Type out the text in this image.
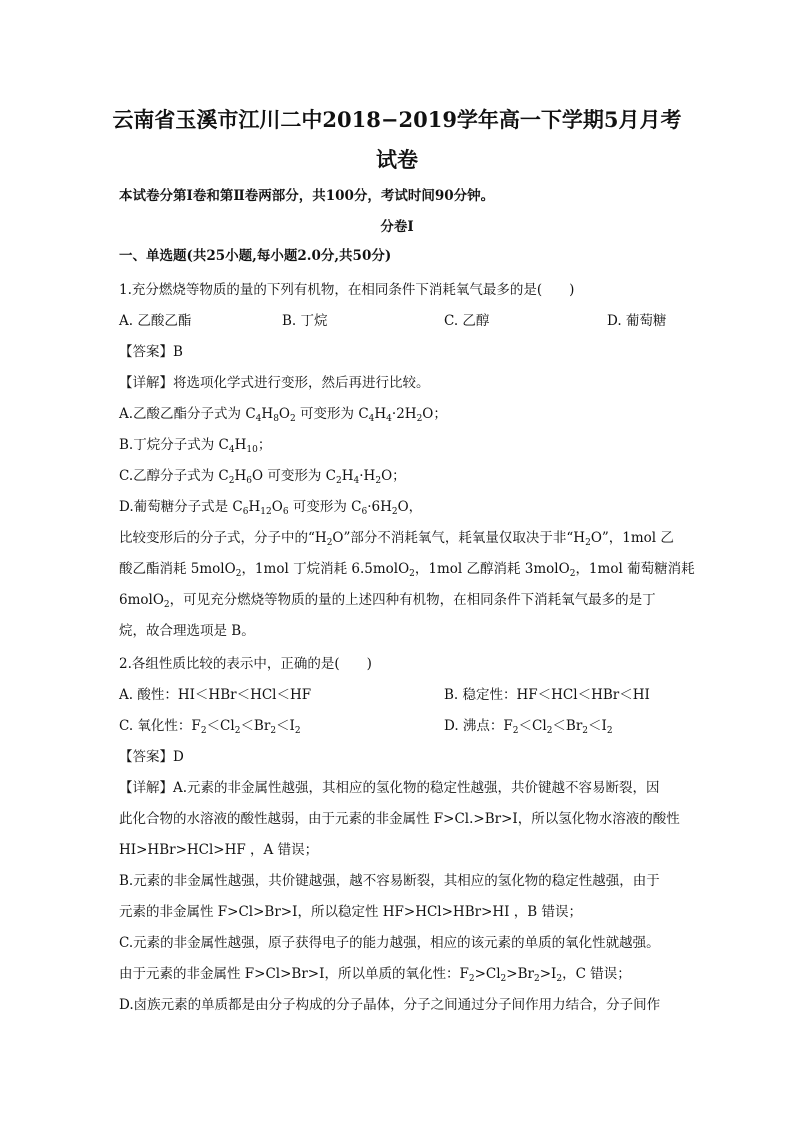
云南省玉溪市江川二中2018−2019学年高一下学期5月月考试卷
本试卷分第Ⅰ卷和第Ⅱ卷两部分，共100分，考试时间90分钟。
分卷I
一、单选题(共25小题,每小题2.0分,共50分)
1.充分燃烧等物质的量的下列有机物，在相同条件下消耗氧气最多的是(　　)
A. 乙酸乙酯	B. 丁烷	C. 乙醇	D. 葡萄糖
【答案】B
【详解】将选项化学式进行变形，然后再进行比较。
A.乙酸乙酯分子式为 $C_4H_8O_2$ 可变形为 $C_4H_4\cdot 2H_2O$；
B.丁烷分子式为 $C_4H_{10}$；
C.乙醇分子式为 $C_2H_6O$ 可变形为 $C_2H_4\cdot H_2O$；
D.葡萄糖分子式是 $C_6H_{12}O_6$ 可变形为 $C_6\cdot 6H_2O$，
比较变形后的分子式，分子中的“$H_2O$”部分不消耗氧气，耗氧量仅取决于非“$H_2O$”，1mol 乙
酸乙酯消耗 5molO$_2$，1mol 丁烷消耗 6.5molO$_2$，1mol 乙醇消耗 3molO$_2$，1mol 葡萄糖消耗
6molO$_2$，可见充分燃烧等物质的量的上述四种有机物，在相同条件下消耗氧气最多的是丁
烷，故合理选项是 B。
2.各组性质比较的表示中，正确的是(　　)
A. 酸性：HI＜HBr＜HCl＜HF	B. 稳定性：HF＜HCl＜HBr＜HI
C. 氧化性：$F_2<Cl_2<Br_2<I_2$	D. 沸点：$F_2<Cl_2<Br_2<I_2$
【答案】D
【详解】A.元素的非金属性越强，其相应的氢化物的稳定性越强，共价键越不容易断裂，因
此化合物的水溶液的酸性越弱，由于元素的非金属性 F>Cl.>Br>I，所以氢化物水溶液的酸性
HI>HBr>HCl>HF ，A 错误；
B.元素的非金属性越强，共价键越强，越不容易断裂，其相应的氢化物的稳定性越强，由于
元素的非金属性 F>Cl>Br>I，所以稳定性 HF>HCl>HBr>HI ，B 错误；
C.元素的非金属性越强，原子获得电子的能力越强，相应的该元素的单质的氧化性就越强。
由于元素的非金属性 F>Cl>Br>I，所以单质的氧化性：$F_2>Cl_2>Br_2>I_2$，C 错误；
D.卤族元素的单质都是由分子构成的分子晶体，分子之间通过分子间作用力结合，分子间作
